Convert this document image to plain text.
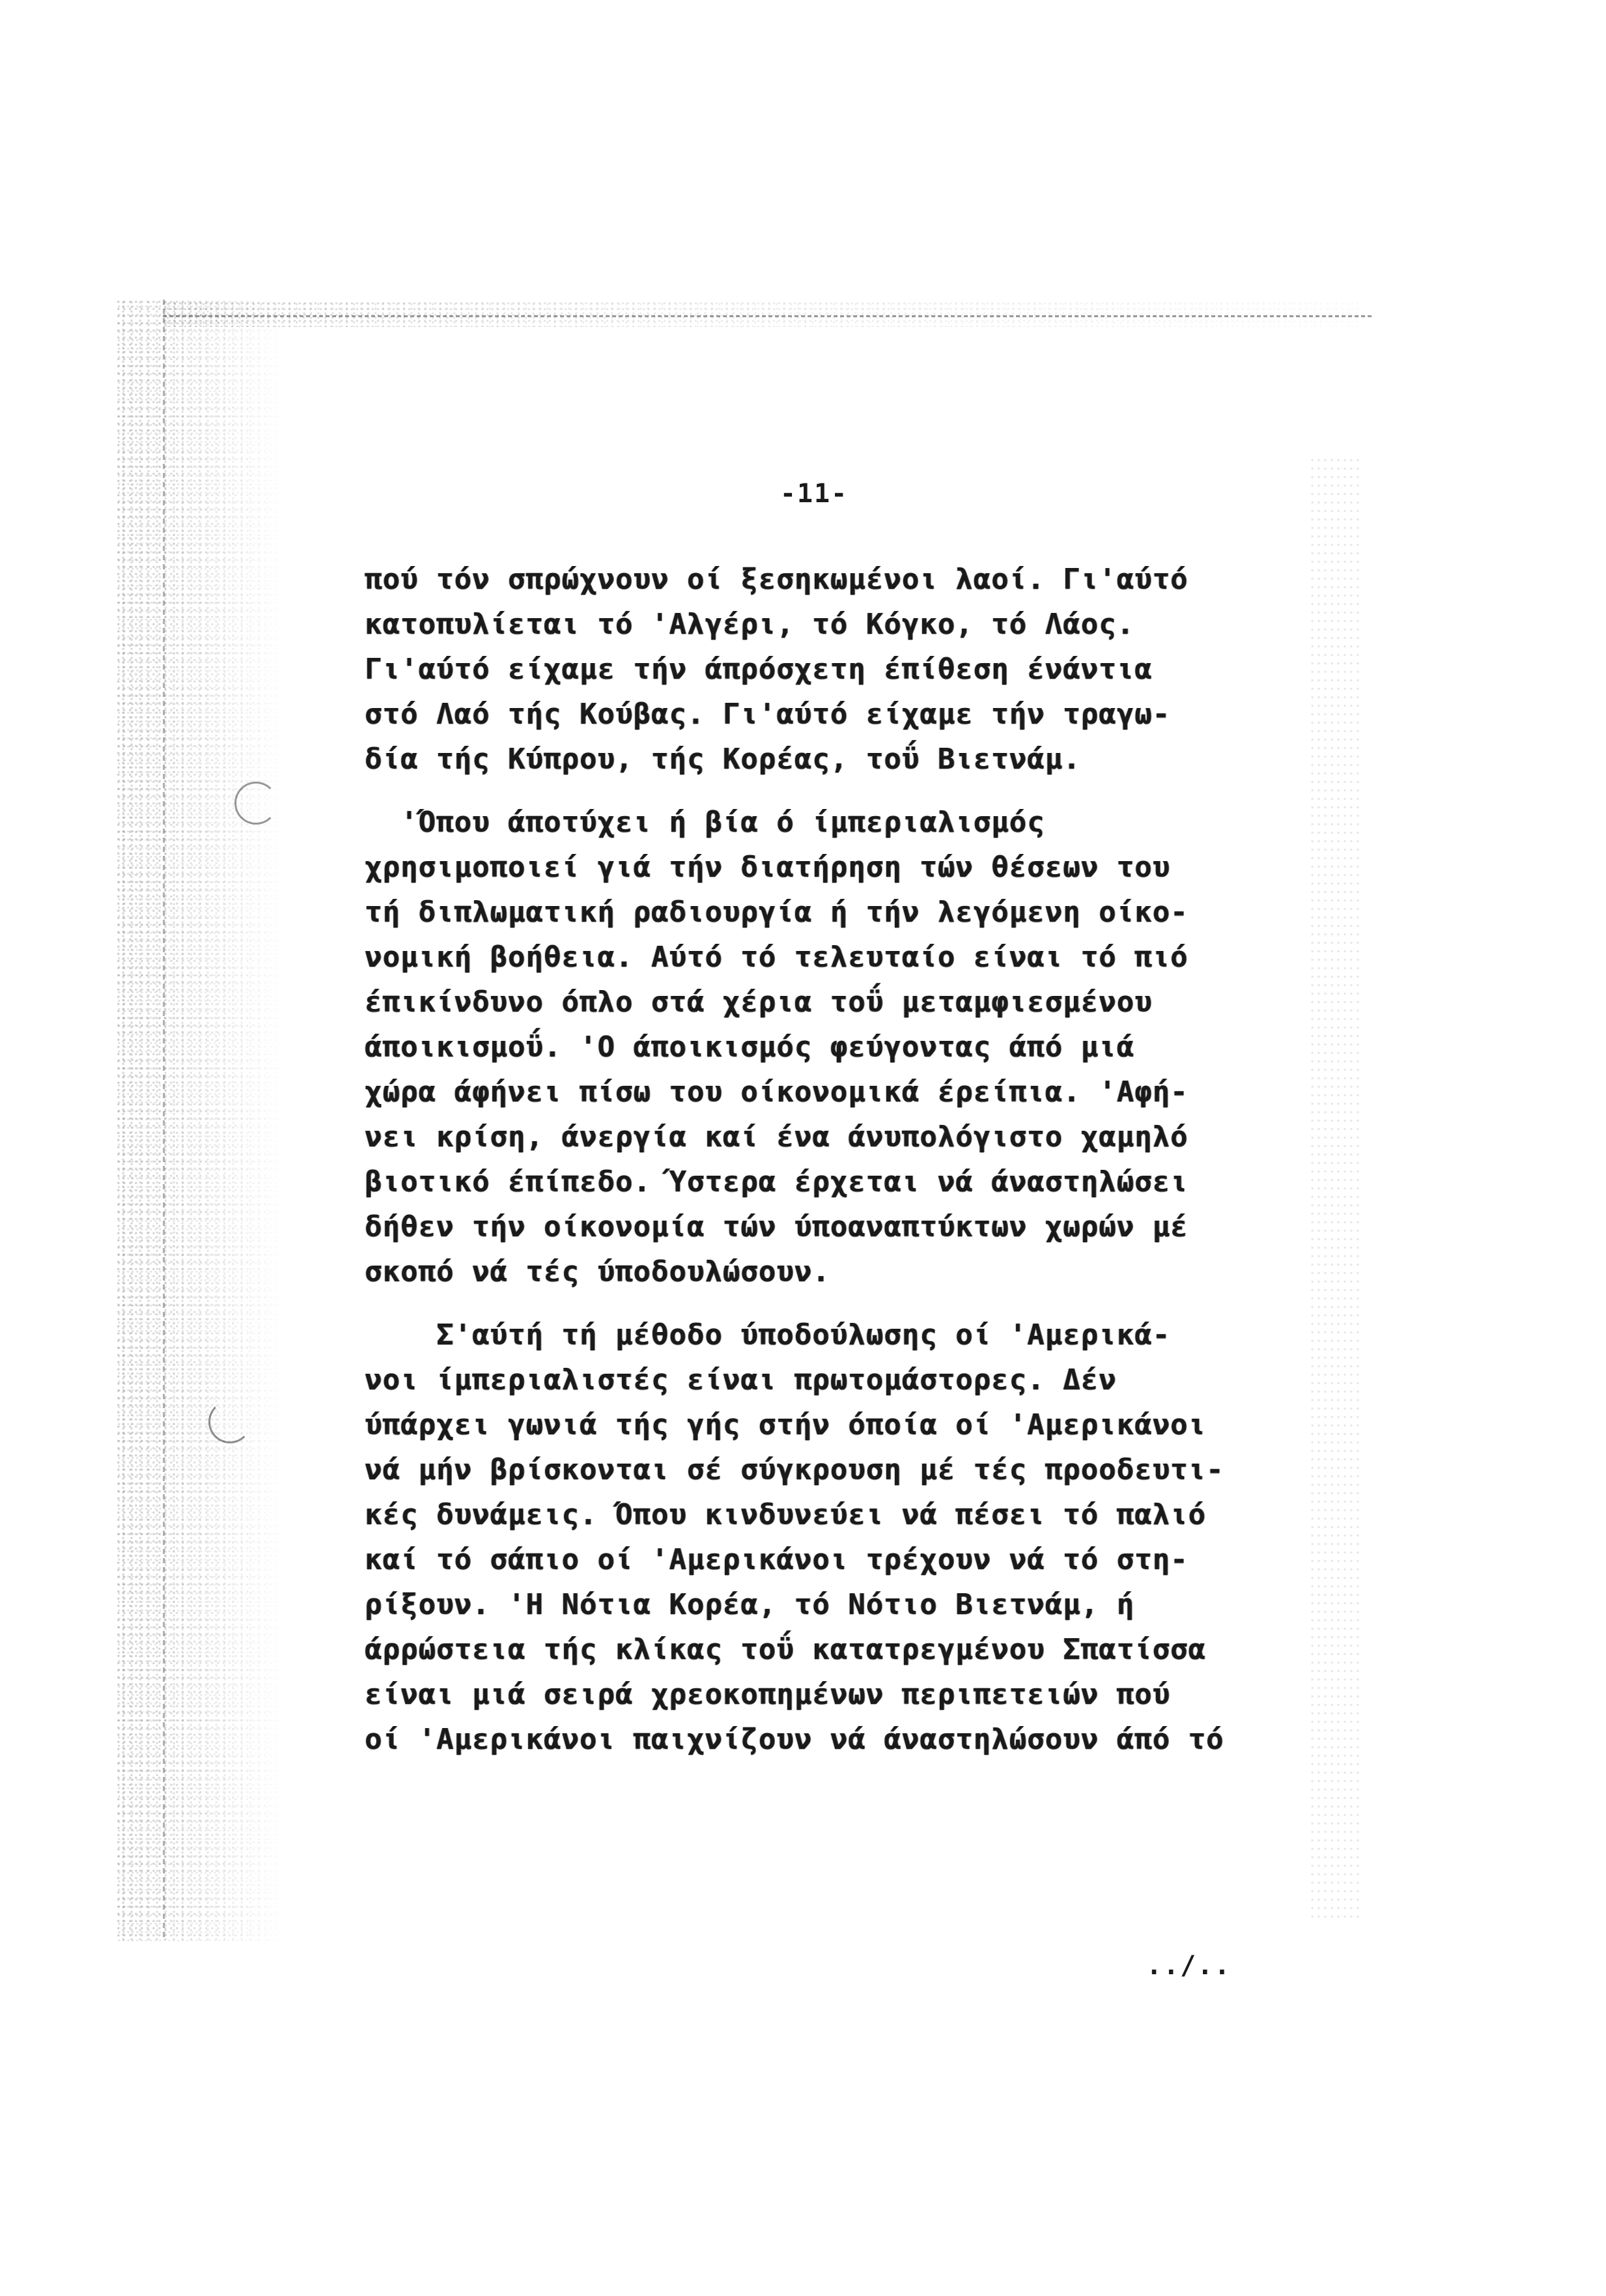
-11-
πού τόν σπρώχνουν οί ξεσηκωμένοι λαοί. Γι'αύτό
κατοπυλίεται τό 'Αλγέρι, τό Κόγκο, τό Λάος.
Γι'αύτό είχαμε τήν άπρόσχετη έπίθεση ένάντια
στό Λαό τής Κούβας. Γι'αύτό είχαμε τήν τραγω-
δία τής Κύπρου, τής Κορέας, τοΰ Βιετνάμ.
'Όπου άποτύχει ή βία ό ίμπεριαλισμός
χρησιμοποιεί γιά τήν διατήρηση τών θέσεων του
τή διπλωματική ραδιουργία ή τήν λεγόμενη οίκο-
νομική βοήθεια. Αύτό τό τελευταίο είναι τό πιό
έπικίνδυνο όπλο στά χέρια τοΰ μεταμφιεσμένου
άποικισμοΰ. 'Ο άποικισμός φεύγοντας άπό μιά
χώρα άφήνει πίσω του οίκονομικά έρείπια. 'Αφή-
νει κρίση, άνεργία καί ένα άνυπολόγιστο χαμηλό
βιοτικό έπίπεδο. Ύστερα έρχεται νά άναστηλώσει
δήθεν τήν οίκονομία τών ύποαναπτύκτων χωρών μέ
σκοπό νά τές ύποδουλώσουν.
Σ'αύτή τή μέθοδο ύποδούλωσης οί 'Αμερικά-
νοι ίμπεριαλιστές είναι πρωτομάστορες. Δέν
ύπάρχει γωνιά τής γής στήν όποία οί 'Αμερικάνοι
νά μήν βρίσκονται σέ σύγκρουση μέ τές προοδευτι-
κές δυνάμεις. Όπου κινδυνεύει νά πέσει τό παλιό
καί τό σάπιο οί 'Αμερικάνοι τρέχουν νά τό στη-
ρίξουν. 'Η Νότια Κορέα, τό Νότιο Βιετνάμ, ή
άρρώστεια τής κλίκας τοΰ κατατρεγμένου Σπατίσσα
είναι μιά σειρά χρεοκοπημένων περιπετειών πού
οί 'Αμερικάνοι παιχνίζουν νά άναστηλώσουν άπό τό
../..
